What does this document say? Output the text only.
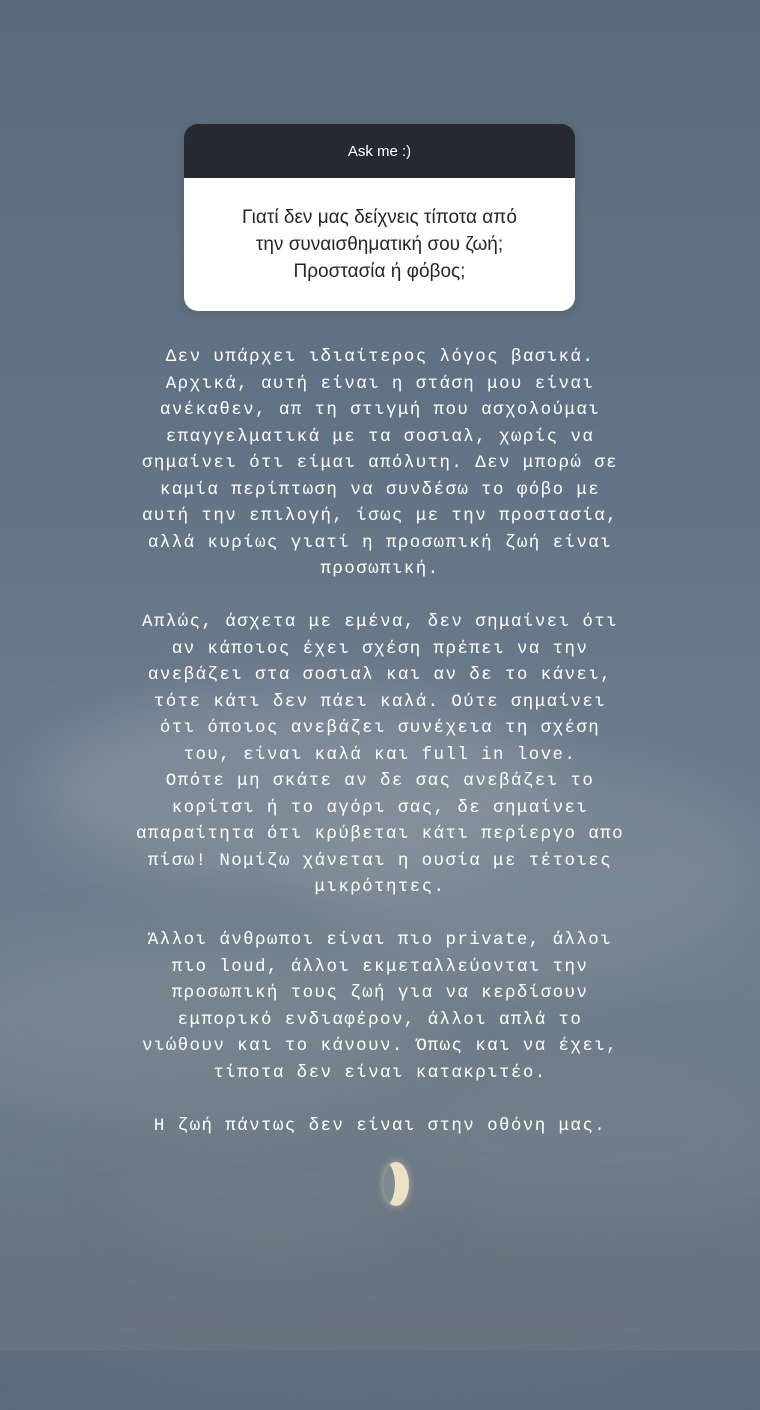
Ask me :)
Γιατί δεν μας δείχνεις τίποτα από
την συναισθηματική σου ζωή;
Προστασία ή φόβος;
Δεν υπάρχει ιδιαίτερος λόγος βασικά.
Αρχικά, αυτή είναι η στάση μου είναι
ανέκαθεν, απ τη στιγμή που ασχολούμαι
επαγγελματικά με τα σοσιαλ, χωρίς να
σημαίνει ότι είμαι απόλυτη. Δεν μπορώ σε
καμία περίπτωση να συνδέσω το φόβο με
αυτή την επιλογή, ίσως με την προστασία,
αλλά κυρίως γιατί η προσωπική ζωή είναι
προσωπική.
Απλώς, άσχετα με εμένα, δεν σημαίνει ότι
αν κάποιος έχει σχέση πρέπει να την
ανεβάζει στα σοσιαλ και αν δε το κάνει,
τότε κάτι δεν πάει καλά. Ούτε σημαίνει
ότι όποιος ανεβάζει συνέχεια τη σχέση
του, είναι καλά και full in love.
Οπότε μη σκάτε αν δε σας ανεβάζει το
κορίτσι ή το αγόρι σας, δε σημαίνει
απαραίτητα ότι κρύβεται κάτι περίεργο απο
πίσω! Νομίζω χάνεται η ουσία με τέτοιες
μικρότητες.
Άλλοι άνθρωποι είναι πιο private, άλλοι
πιο loud, άλλοι εκμεταλλεύονται την
προσωπική τους ζωή για να κερδίσουν
εμπορικό ενδιαφέρον, άλλοι απλά το
νιώθουν και το κάνουν. Όπως και να έχει,
τίποτα δεν είναι κατακριτέο.
Η ζωή πάντως δεν είναι στην οθόνη μας.
